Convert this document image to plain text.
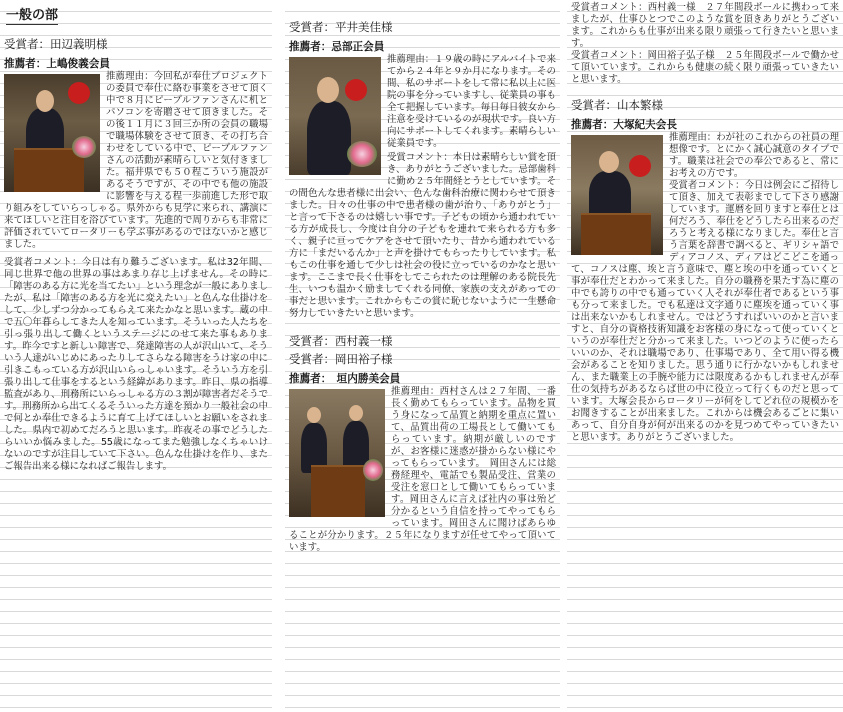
一般の部
受賞者：田辺義明様
推薦者：上嶋俊義会員

推薦理由：今回私が奉仕プロジェクトの委員で奉仕に絡む事業をさせて頂く中で８月にピープルファンさんに机とパソコンを寄贈させて頂きました。その後１１月に３回三か所の会員の職場で職場体験をさせて頂き、その打ち合わせをしている中で、ピープルファンさんの活動が素晴らしいと気付きました。福井県でも５０程こういう施設があるそうですが、その中でも他の施設に影響を与える程一歩前進した形で取り組みをしていらっしゃる。県外からも見学に来られ、講演に来てほしいと注目を浴びています。先進的で周りからも非常に評価されていてロータリーも学ぶ事があるのではないかと感じました。

受賞者コメント：今日は有り難うございます。私は32年間、同じ世界で他の世界の事はあまり存じ上げません。その時に「障害のある方に光を当てたい」という理念が一般にありましたが、私は「障害のある方を光に変えたい」と色んな仕掛けをして、少しずつ分かってもらえて来たかなと思います。蔵の中で五〇年暮らしてきた人を知っています。そういった人たちを引っ張り出して働くというステージにのせて来た事もあります。昨今ですと新しい障害で、発達障害の人が沢山いて、そういう人達がいじめにあったりしてさらなる障害をうけ家の中に引きこもっている方が沢山いらっしゃいます。そういう方を引張り出して仕事をするという経緯があります。昨日、県の指導監査があり、刑務所にいらっしゃる方の３割が障害者だそうです。刑務所から出てくるそういった方達を預かり一般社会の中で何とか奉仕できるように育て上げてほしいとお願いをされました。県内で初めてだろうと思います。昨夜その事でどうしたらいいか悩みました。55歳になってまた勉強しなくちゃいけないのですが注目していて下さい。色んな仕掛けを作り、またご報告出来る様になればご報告します。

受賞者：平井美佳様
推薦者：忌部正会員

推薦理由：１９歳の時にアルバイトで来てから２４年と９か月になります。その間、私のサポートをして常に私以上に医院の事を分っていますし、従業員の事も全て把握しています。毎日毎日彼女から注意を受けているのが現状です。良い方向にサポートしてくれます。素晴らしい従業員です。

受賞コメント：本日は素晴らしい賞を頂き、ありがとうございました。忌部歯科に勤め２５年間経とうとしています。その間色んな患者様に出会い、色んな歯科治療に関わらせて頂きました。日々の仕事の中で患者様の歯が治り、「ありがとう」と言って下さるのは嬉しい事です。子どもの頃から通われている方が成長し、今度は自分の子どもを連れて来られる方も多く、親子に亘ってケアをさせて頂いたり、昔から通われている方に「まだいるんか」と声を掛けてもらったりしています。私もこの仕事を通して少しは社会の役に立っているのかなと思います。ここまで長く仕事をしてこられたのは理解のある院長先生、いつも温かく励ましてくれる同僚、家族の支えがあっての事だと思います。これからもこの賞に恥じないように一生懸命努力していきたいと思います。

受賞者：西村義一様
受賞者：岡田裕子様
推薦者：　垣内勝美会員

推薦理由：西村さんは２７年間、一番長く勤めてもらっています。品物を買う身になって品質と納期を重点に置いて、品質出荷の工場長として働いてもらっています。納期が厳しいのですが、お客様に迷惑が掛からない様にやってもらっています。　岡田さんには総務経理や、電話でも製品受注、営業の受注を窓口として働いてもらっています。岡田さんに言えば社内の事は殆ど分かるという自信を持ってやってもらっています。岡田さんに聞けばあらゆることが分かります。２５年になりますが任せてやって頂いています。

受賞者コメント：西村義一様　２７年間段ボールに携わって来ましたが、仕事ひとつでこのような賞を頂きありがとうございます。これからも仕事が出来る限り頑張って行きたいと思います。

受賞者コメント：岡田裕子弘子様　２５年間段ボールで働かせて頂いています。これからも健康の続く限り頑張っていきたいと思います。

受賞者：山本繁様
推薦者：大塚紀夫会長

推薦理由：わが社のこれからの社員の理想像です。とにかく誠心誠意のタイプです。職業は社会での奉公であると、常にお考えの方です。

受賞者コメント：今日は例会にご招待して頂き、加えて表彰までして下さり感謝しています。運暦を回りますと奉仕とは何だろう、奉仕をどうしたら出来るのだろうと考える様になりました。奉仕と言う言葉を辞書で調べると、ギリシャ語でディアコノス、ディアはどこどこを通って、コノスは塵、埃と言う意味で、塵と埃の中を通っていくと事が奉仕だとわかって来ました。自分の職務を果たす為に塵の中でも誇りの中でも通っていく人それが奉仕者であるという事も分って来ました。でも私達は文字通りに塵埃を通っていく事は出来ないかもしれません。ではどうすればいいのかと言いますと、自分の資格技術知識をお客様の身になって使っていくというのが奉仕だと分かって来ました。いつどのように使ったらいいのか、それは職場であり、仕事場であり、全て用い得る機会があることを知りました。思う通りに行かないかもしれません、また職業上の手腕や能力には限度あるかもしれませんが奉仕の気持ちがあるならば世の中に役立って行くものだと思っています。大塚会長からロータリーが何をしてどれ位の規模かをお聞きすることが出来ました。これからは機会あるごとに集いあって、自分自身が何が出来るのかを見つめてやっていきたいと思います。ありがとうございました。
